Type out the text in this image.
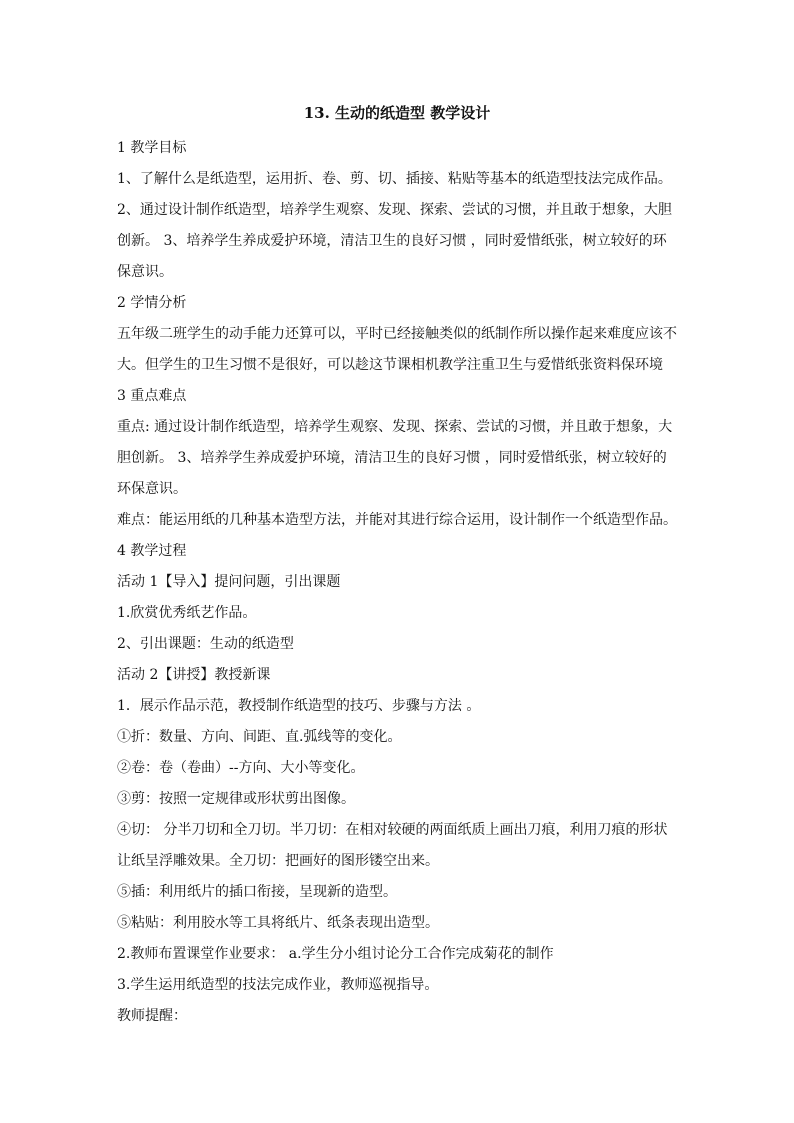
13. 生动的纸造型 教学设计
1 教学目标
1、了解什么是纸造型，运用折、卷、剪、切、插接、粘贴等基本的纸造型技法完成作品。
2、通过设计制作纸造型，培养学生观察、发现、探索、尝试的习惯，并且敢于想象，大胆
创新。 3、培养学生养成爱护环境，清洁卫生的良好习惯 ，同时爱惜纸张，树立较好的环
保意识。
2 学情分析
五年级二班学生的动手能力还算可以，平时已经接触类似的纸制作所以操作起来难度应该不
大。但学生的卫生习惯不是很好，可以趁这节课相机教学注重卫生与爱惜纸张资料保环境
3 重点难点
重点: 通过设计制作纸造型，培养学生观察、发现、探索、尝试的习惯，并且敢于想象，大
胆创新。 3、培养学生养成爱护环境，清洁卫生的良好习惯 ，同时爱惜纸张，树立较好的
环保意识。
难点：能运用纸的几种基本造型方法，并能对其进行综合运用，设计制作一个纸造型作品。
4 教学过程
活动 1【导入】提问问题，引出课题
1.欣赏优秀纸艺作品。
2、引出课题：生动的纸造型
活动 2【讲授】教授新课
1．展示作品示范，教授制作纸造型的技巧、步骤与方法 。
①折：数量、方向、间距、直.弧线等的变化。
②卷：卷（卷曲）--方向、大小等变化。
③剪：按照一定规律或形状剪出图像。
④切： 分半刀切和全刀切。半刀切：在相对较硬的两面纸质上画出刀痕，利用刀痕的形状
让纸呈浮雕效果。全刀切：把画好的图形镂空出来。
⑤插：利用纸片的插口衔接，呈现新的造型。
⑤粘贴：利用胶水等工具将纸片、纸条表现出造型。
2.教师布置课堂作业要求： a.学生分小组讨论分工合作完成菊花的制作
3.学生运用纸造型的技法完成作业，教师巡视指导。
教师提醒：
